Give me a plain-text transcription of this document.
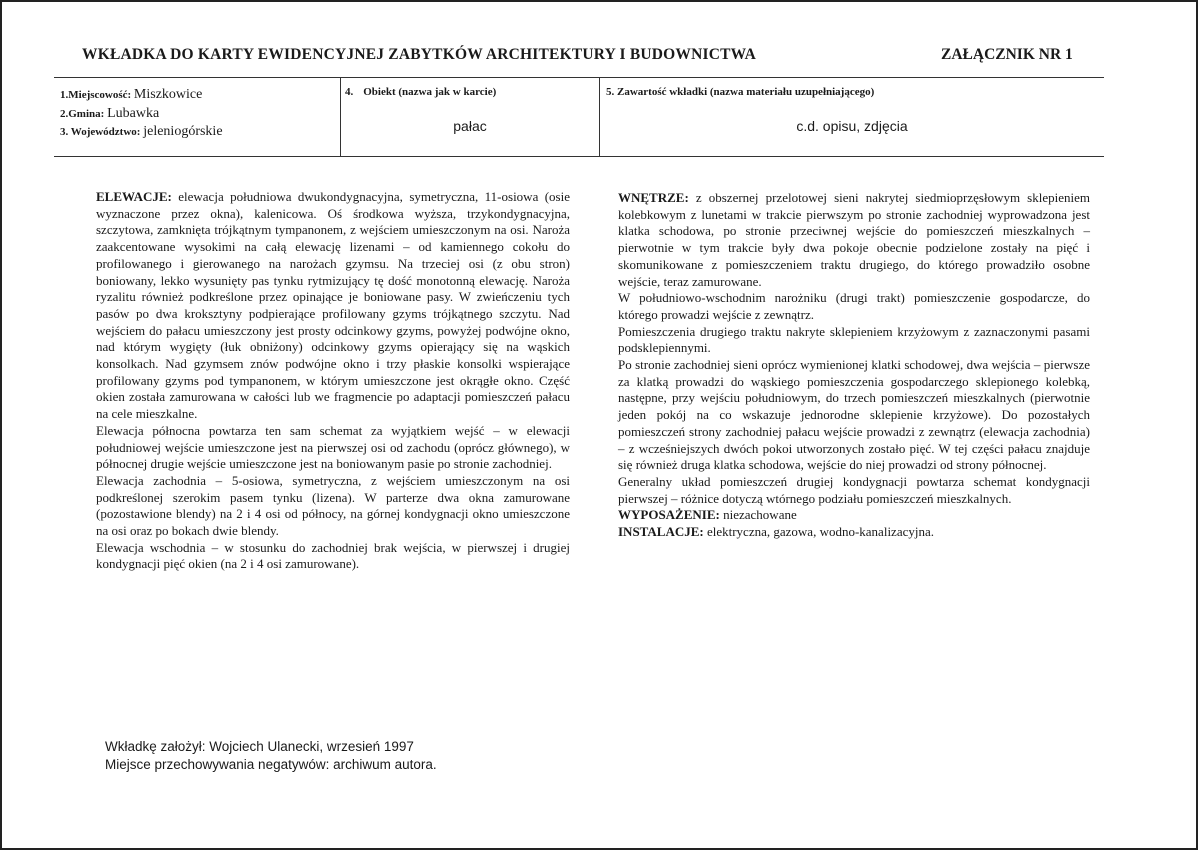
WKŁADKA DO KARTY EWIDENCYJNEJ ZABYTKÓW ARCHITEKTURY I BUDOWNICTWA	ZAŁĄCZNIK NR 1
1.Miejscowość: Miszkowice
2.Gmina: Lubawka
3. Województwo: jeleniogórskie
4. Obiekt (nazwa jak w karcie)
pałac
5. Zawartość wkładki (nazwa materiału uzupełniającego)
c.d. opisu, zdjęcia

ELEWACJE: elewacja południowa dwukondygnacyjna, symetryczna, 11-osiowa (osie wyznaczone przez okna), kalenicowa. Oś środkowa wyższa, trzykondygnacyjna, szczytowa, zamknięta trójkątnym tympanonem, z wejściem umieszczonym na osi. Naroża zaakcentowane wysokimi na całą elewację lizenami – od kamiennego cokołu do profilowanego i gierowanego na narożach gzymsu. Na trzeciej osi (z obu stron) boniowany, lekko wysunięty pas tynku rytmizujący tę dość monotonną elewację. Naroża ryzalitu również podkreślone przez opinające je boniowane pasy. W zwieńczeniu tych pasów po dwa kroksztyny podpierające profilowany gzyms trójkątnego szczytu. Nad wejściem do pałacu umieszczony jest prosty odcinkowy gzyms, powyżej podwójne okno, nad którym wygięty (łuk obniżony) odcinkowy gzyms opierający się na wąskich konsolkach. Nad gzymsem znów podwójne okno i trzy płaskie konsolki wspierające profilowany gzyms pod tympanonem, w którym umieszczone jest okrągłe okno. Część okien została zamurowana w całości lub we fragmencie po adaptacji pomieszczeń pałacu na cele mieszkalne.

Elewacja północna powtarza ten sam schemat za wyjątkiem wejść – w elewacji południowej wejście umieszczone jest na pierwszej osi od zachodu (oprócz głównego), w północnej drugie wejście umieszczone jest na boniowanym pasie po stronie zachodniej.

Elewacja zachodnia – 5-osiowa, symetryczna, z wejściem umieszczonym na osi podkreślonej szerokim pasem tynku (lizena). W parterze dwa okna zamurowane (pozostawione blendy) na 2 i 4 osi od północy, na górnej kondygnacji okno umieszczone na osi oraz po bokach dwie blendy.

Elewacja wschodnia – w stosunku do zachodniej brak wejścia, w pierwszej i drugiej kondygnacji pięć okien (na 2 i 4 osi zamurowane).

WNĘTRZE: z obszernej przelotowej sieni nakrytej siedmioprzęsłowym sklepieniem kolebkowym z lunetami w trakcie pierwszym po stronie zachodniej wyprowadzona jest klatka schodowa, po stronie przeciwnej wejście do pomieszczeń mieszkalnych – pierwotnie w tym trakcie były dwa pokoje obecnie podzielone zostały na pięć i skomunikowane z pomieszczeniem traktu drugiego, do którego prowadziło osobne wejście, teraz zamurowane.

W południowo-wschodnim narożniku (drugi trakt) pomieszczenie gospodarcze, do którego prowadzi wejście z zewnątrz.

Pomieszczenia drugiego traktu nakryte sklepieniem krzyżowym z zaznaczonymi pasami podsklepiennymi.

Po stronie zachodniej sieni oprócz wymienionej klatki schodowej, dwa wejścia – pierwsze za klatką prowadzi do wąskiego pomieszczenia gospodarczego sklepionego kolebką, następne, przy wejściu południowym, do trzech pomieszczeń mieszkalnych (pierwotnie jeden pokój na co wskazuje jednorodne sklepienie krzyżowe). Do pozostałych pomieszczeń strony zachodniej pałacu wejście prowadzi z zewnątrz (elewacja zachodnia) – z wcześniejszych dwóch pokoi utworzonych zostało pięć. W tej części pałacu znajduje się również druga klatka schodowa, wejście do niej prowadzi od strony północnej.

Generalny układ pomieszczeń drugiej kondygnacji powtarza schemat kondygnacji pierwszej – różnice dotyczą wtórnego podziału pomieszczeń mieszkalnych.

WYPOSAŻENIE: niezachowane

INSTALACJE: elektryczna, gazowa, wodno-kanalizacyjna.

Wkładkę założył: Wojciech Ulanecki, wrzesień 1997

Miejsce przechowywania negatywów: archiwum autora.
